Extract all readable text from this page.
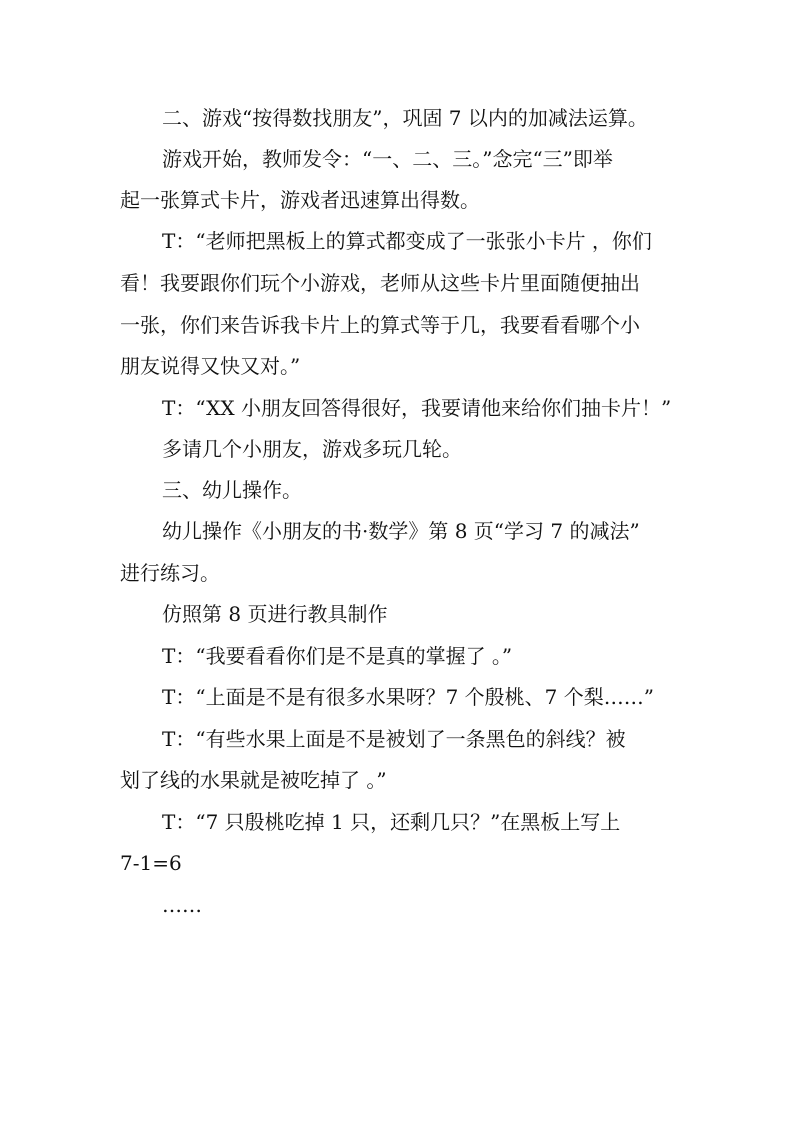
二、游戏“按得数找朋友”，巩固 7 以内的加减法运算。
游戏开始，教师发令：“一、二、三。”念完“三”即举
起一张算式卡片，游戏者迅速算出得数。
T：“老师把黑板上的算式都变成了一张张小卡片 ，你们
看！我要跟你们玩个小游戏，老师从这些卡片里面随便抽出
一张，你们来告诉我卡片上的算式等于几，我要看看哪个小
朋友说得又快又对。”
T：“XX 小朋友回答得很好，我要请他来给你们抽卡片！”
多请几个小朋友，游戏多玩几轮。
三、幼儿操作。
幼儿操作《小朋友的书·数学》第 8 页“学习 7 的减法”
进行练习。
仿照第 8 页进行教具制作
T：“我要看看你们是不是真的掌握了 。”
T：“上面是不是有很多水果呀？7 个殷桃、7 个梨……”
T：“有些水果上面是不是被划了一条黑色的斜线？被
划了线的水果就是被吃掉了 。”
T：“7 只殷桃吃掉 1 只，还剩几只？”在黑板上写上
7-1=6
……
